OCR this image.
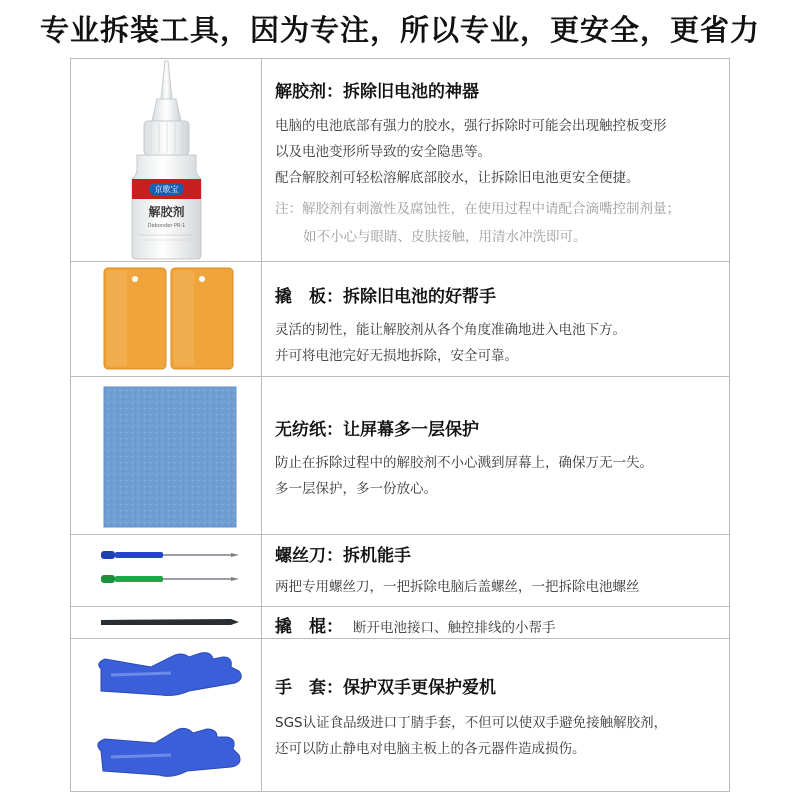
专业拆装工具，因为专注，所以专业，更安全，更省力
京歌宝
解胶剂
Debonder PR-1
解胶剂：拆除旧电池的神器
电脑的电池底部有强力的胶水，强行拆除时可能会出现触控板变形
以及电池变形所导致的安全隐患等。
配合解胶剂可轻松溶解底部胶水，让拆除旧电池更安全便捷。
注：解胶剂有刺激性及腐蚀性，在使用过程中请配合滴嘴控制剂量；
如不小心与眼睛、皮肤接触，用清水冲洗即可。
撬　板：拆除旧电池的好帮手
灵活的韧性，能让解胶剂从各个角度准确地进入电池下方。
并可将电池完好无损地拆除，安全可靠。
无纺纸：让屏幕多一层保护
防止在拆除过程中的解胶剂不小心溅到屏幕上，确保万无一失。
多一层保护，多一份放心。
螺丝刀：拆机能手
两把专用螺丝刀，一把拆除电脑后盖螺丝，一把拆除电池螺丝
撬　棍： 断开电池接口、触控排线的小帮手
手　套：保护双手更保护爱机
SGS认证食品级进口丁腈手套，不但可以使双手避免接触解胶剂，
还可以防止静电对电脑主板上的各元器件造成损伤。
